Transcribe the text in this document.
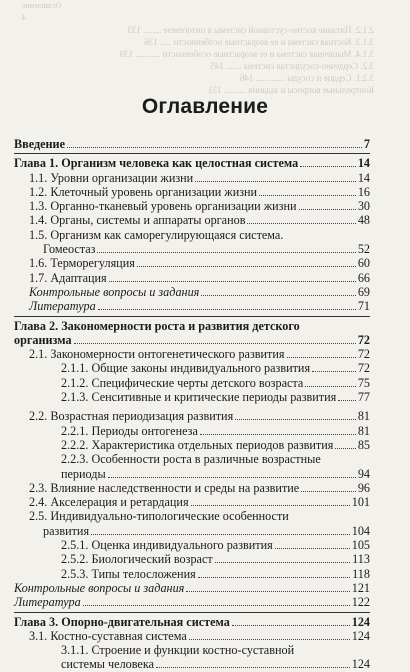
Оглавление
4
2.1.2. Питание костно-суставной системы в онтогенезе ........ 133
3.1.3. Костная система и ее возрастные особенности ..... 136
3.1.4. Мышечная система и ее возрастные особенности ........... 139
3.2. Сердечно-сосудистая система ....... 145
3.2.1. Сердце и сосуды ............. 146
Контрольные вопросы и задания .......... 151
Оглавление
Введение	7
Глава 1. Организм человека как целостная система	14
1.1. Уровни организации жизни	14
1.2. Клеточный уровень организации жизни	16
1.3. Органно-тканевый уровень организации жизни	30
1.4. Органы, системы и аппараты органов	48
1.5. Организм как саморегулирующаяся система.
Гомеостаз	52
1.6. Терморегуляция	60
1.7. Адаптация	66
Контрольные вопросы и задания	69
Литература	71
Глава 2. Закономерности роста и развития детского
организма	72
2.1. Закономерности онтогенетического развития	72
2.1.1. Общие законы индивидуального развития	72
2.1.2. Специфические черты детского возраста	75
2.1.3. Сенситивные и критические периоды развития 77
2.2. Возрастная периодизация развития	81
2.2.1. Периоды онтогенеза	81
2.2.2. Характеристика отдельных периодов развития 85
2.2.3. Особенности роста в различные возрастные
периоды	94
2.3. Влияние наследственности и среды на развитие	96
2.4. Акселерация и ретардация	101
2.5. Индивидуально-типологические особенности
развития	104
2.5.1. Оценка индивидуального развития	105
2.5.2. Биологический возраст	113
2.5.3. Типы телосложения	118
Контрольные вопросы и задания	121
Литература	122
Глава 3. Опорно-двигательная система	124
3.1. Костно-суставная система	124
3.1.1. Строение и функции костно-суставной
системы человека	124
